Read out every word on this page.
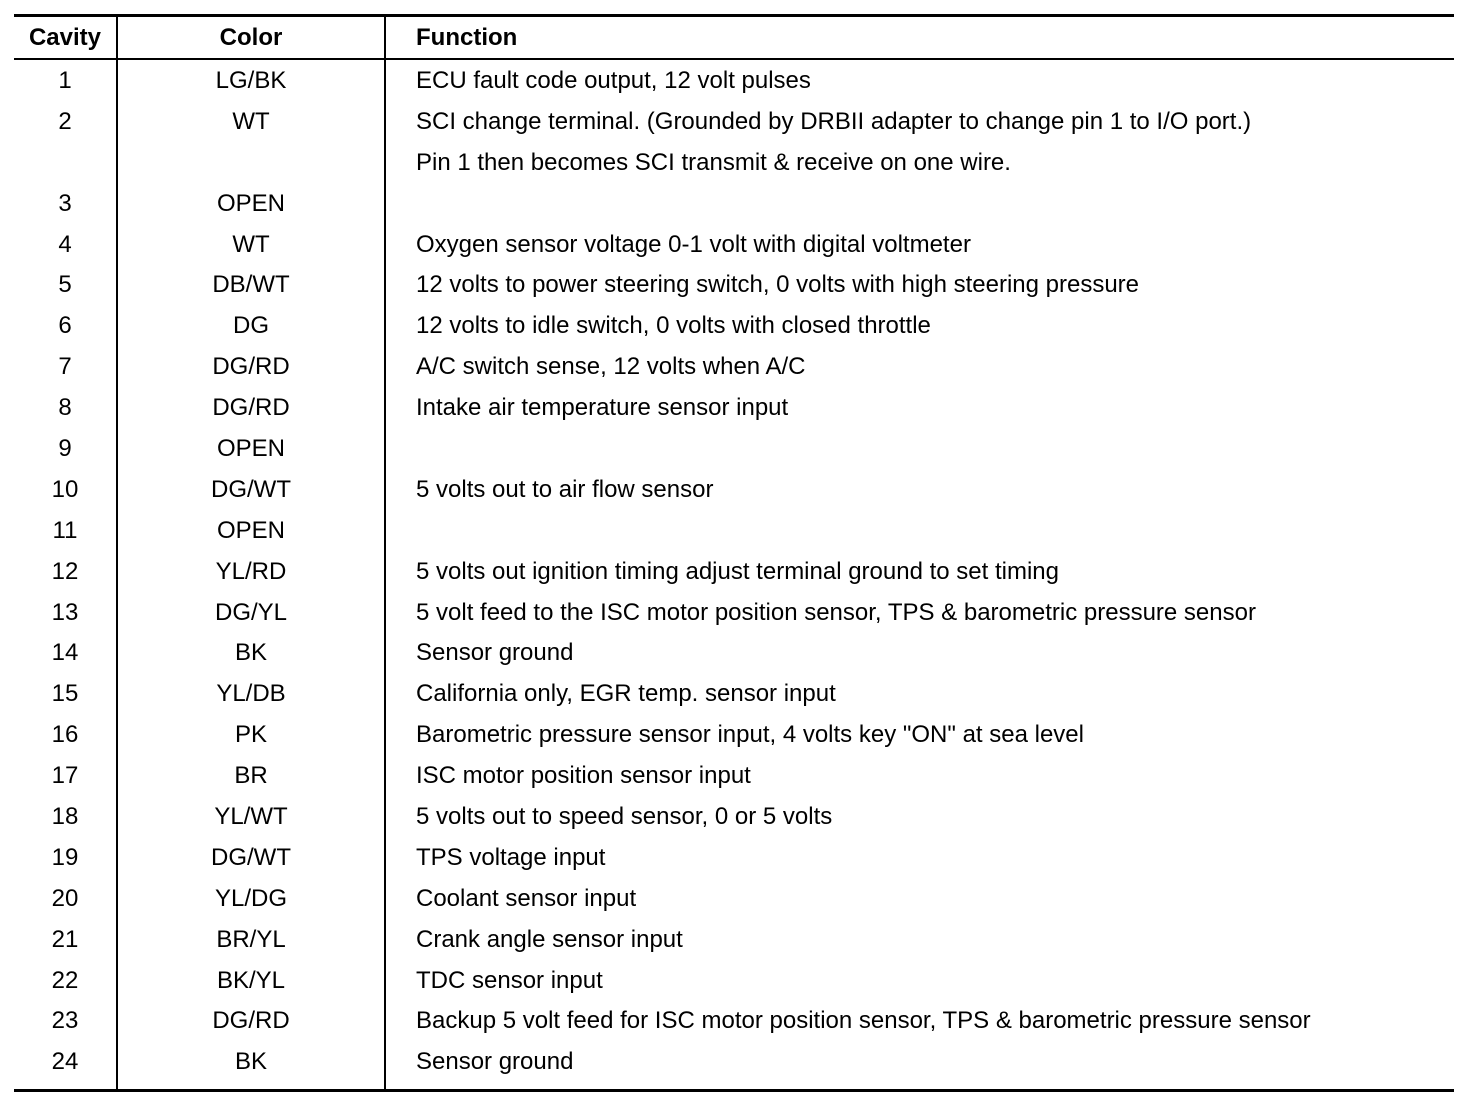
Cavity	Color	Function
1	LG/BK	ECU fault code output, 12 volt pulses
2	WT	SCI change terminal. (Grounded by DRBII adapter to change pin 1 to I/O port.)
Pin 1 then becomes SCI transmit & receive on one wire.
3	OPEN
4	WT	Oxygen sensor voltage 0-1 volt with digital voltmeter
5	DB/WT	12 volts to power steering switch, 0 volts with high steering pressure
6	DG	12 volts to idle switch, 0 volts with closed throttle
7	DG/RD	A/C switch sense, 12 volts when A/C
8	DG/RD	Intake air temperature sensor input
9	OPEN
10	DG/WT	5 volts out to air flow sensor
11	OPEN
12	YL/RD	5 volts out ignition timing adjust terminal ground to set timing
13	DG/YL	5 volt feed to the ISC motor position sensor, TPS & barometric pressure sensor
14	BK	Sensor ground
15	YL/DB	California only, EGR temp. sensor input
16	PK	Barometric pressure sensor input, 4 volts key "ON" at sea level
17	BR	ISC motor position sensor input
18	YL/WT	5 volts out to speed sensor, 0 or 5 volts
19	DG/WT	TPS voltage input
20	YL/DG	Coolant sensor input
21	BR/YL	Crank angle sensor input
22	BK/YL	TDC sensor input
23	DG/RD	Backup 5 volt feed for ISC motor position sensor, TPS & barometric pressure sensor
24	BK	Sensor ground
